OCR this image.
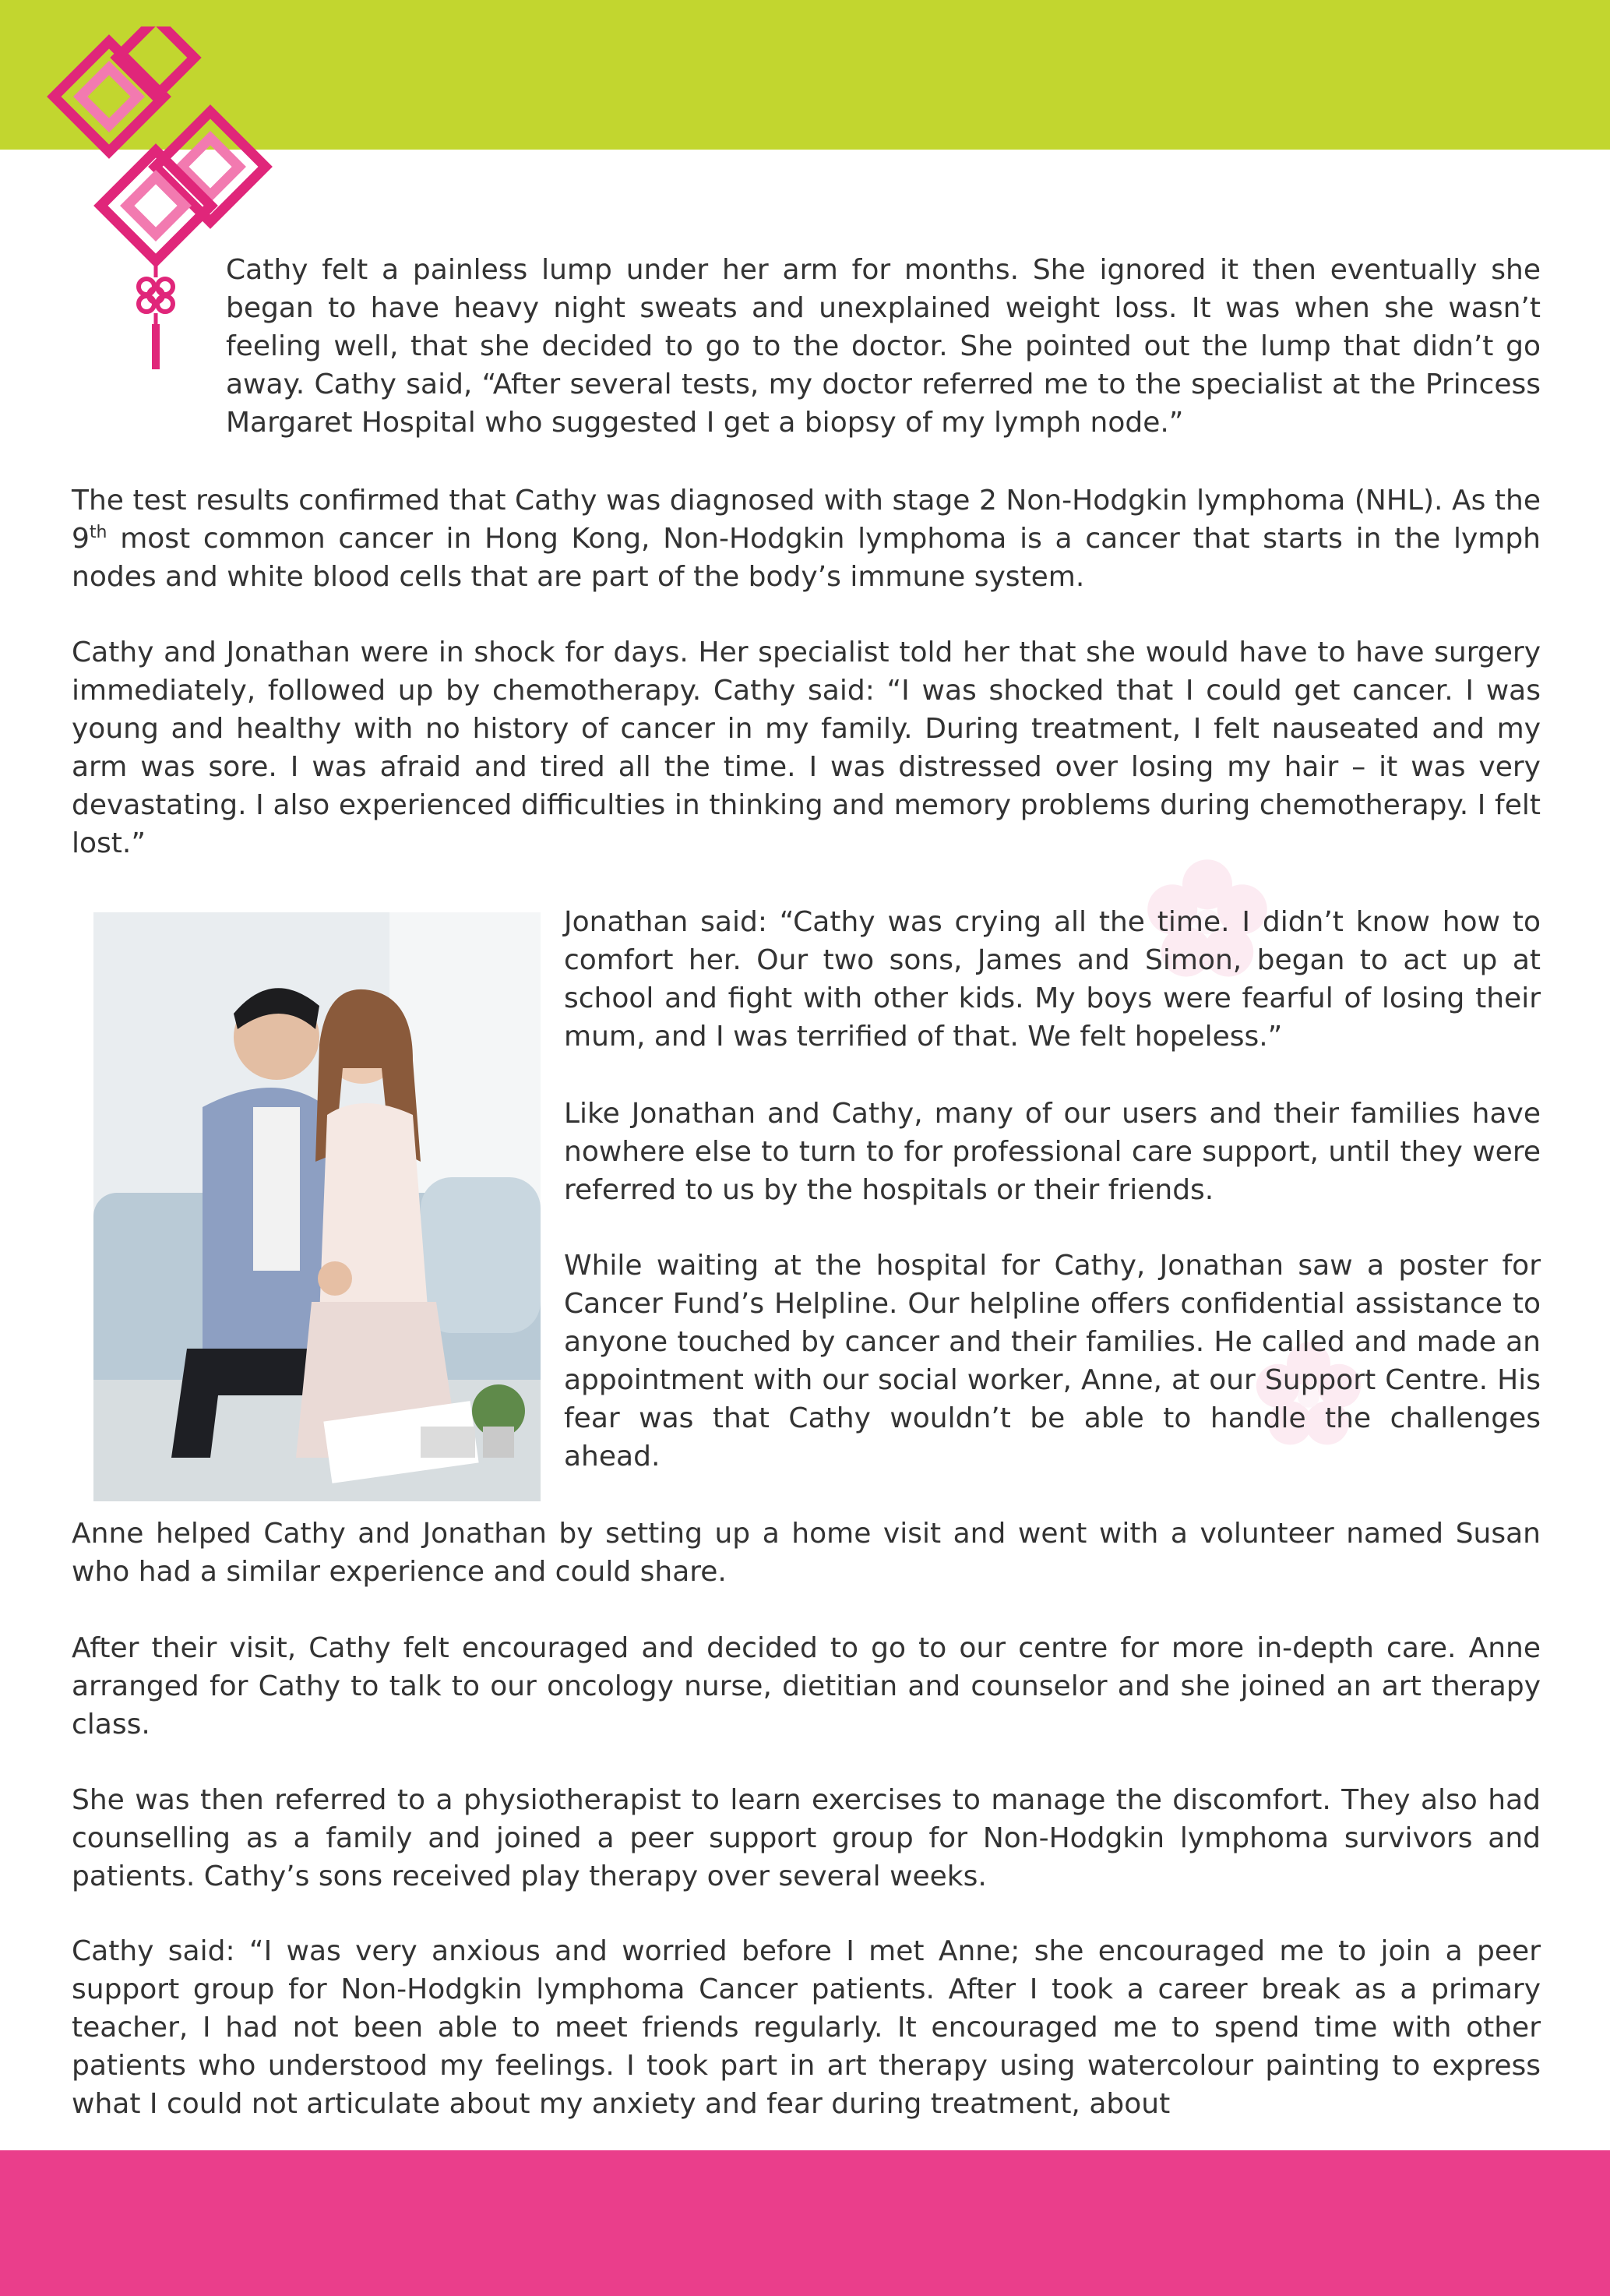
Cathy felt a painless lump under her arm for months. She ignored it then eventually she began to have heavy night sweats and unexplained weight loss. It was when she wasn’t feeling well, that she decided to go to the doctor. She pointed out the lump that didn’t go away. Cathy said, “After several tests, my doctor referred me to the specialist at the Princess Margaret Hospital who suggested I get a biopsy of my lymph node.”

The test results confirmed that Cathy was diagnosed with stage 2 Non-Hodgkin lymphoma (NHL). As the 9th most common cancer in Hong Kong, Non-Hodgkin lymphoma is a cancer that starts in the lymph nodes and white blood cells that are part of the body’s immune system.

Cathy and Jonathan were in shock for days. Her specialist told her that she would have to have surgery immediately, followed up by chemotherapy. Cathy said: “I was shocked that I could get cancer. I was young and healthy with no history of cancer in my family. During treatment, I felt nauseated and my arm was sore. I was afraid and tired all the time. I was distressed over losing my hair – it was very devastating. I also experienced difficulties in thinking and memory problems during chemotherapy. I felt lost.”

Jonathan said: “Cathy was crying all the time. I didn’t know how to comfort her. Our two sons, James and Simon, began to act up at school and fight with other kids. My boys were fearful of losing their mum, and I was terrified of that. We felt hopeless.”

Like Jonathan and Cathy, many of our users and their families have nowhere else to turn to for professional care support, until they were referred to us by the hospitals or their friends.

While waiting at the hospital for Cathy, Jonathan saw a poster for Cancer Fund’s Helpline. Our helpline offers confidential assistance to anyone touched by cancer and their families. He called and made an appointment with our social worker, Anne, at our Support Centre. His fear was that Cathy wouldn’t be able to handle the challenges ahead.

Anne helped Cathy and Jonathan by setting up a home visit and went with a volunteer named Susan who had a similar experience and could share.

After their visit, Cathy felt encouraged and decided to go to our centre for more in-depth care. Anne arranged for Cathy to talk to our oncology nurse, dietitian and counselor and she joined an art therapy class.

She was then referred to a physiotherapist to learn exercises to manage the discomfort. They also had counselling as a family and joined a peer support group for Non-Hodgkin lymphoma survivors and patients. Cathy’s sons received play therapy over several weeks.

Cathy said: “I was very anxious and worried before I met Anne; she encouraged me to join a peer support group for Non-Hodgkin lymphoma Cancer patients. After I took a career break as a primary teacher, I had not been able to meet friends regularly. It encouraged me to spend time with other patients who understood my feelings. I took part in art therapy using watercolour painting to express what I could not articulate about my anxiety and fear during treatment, about
